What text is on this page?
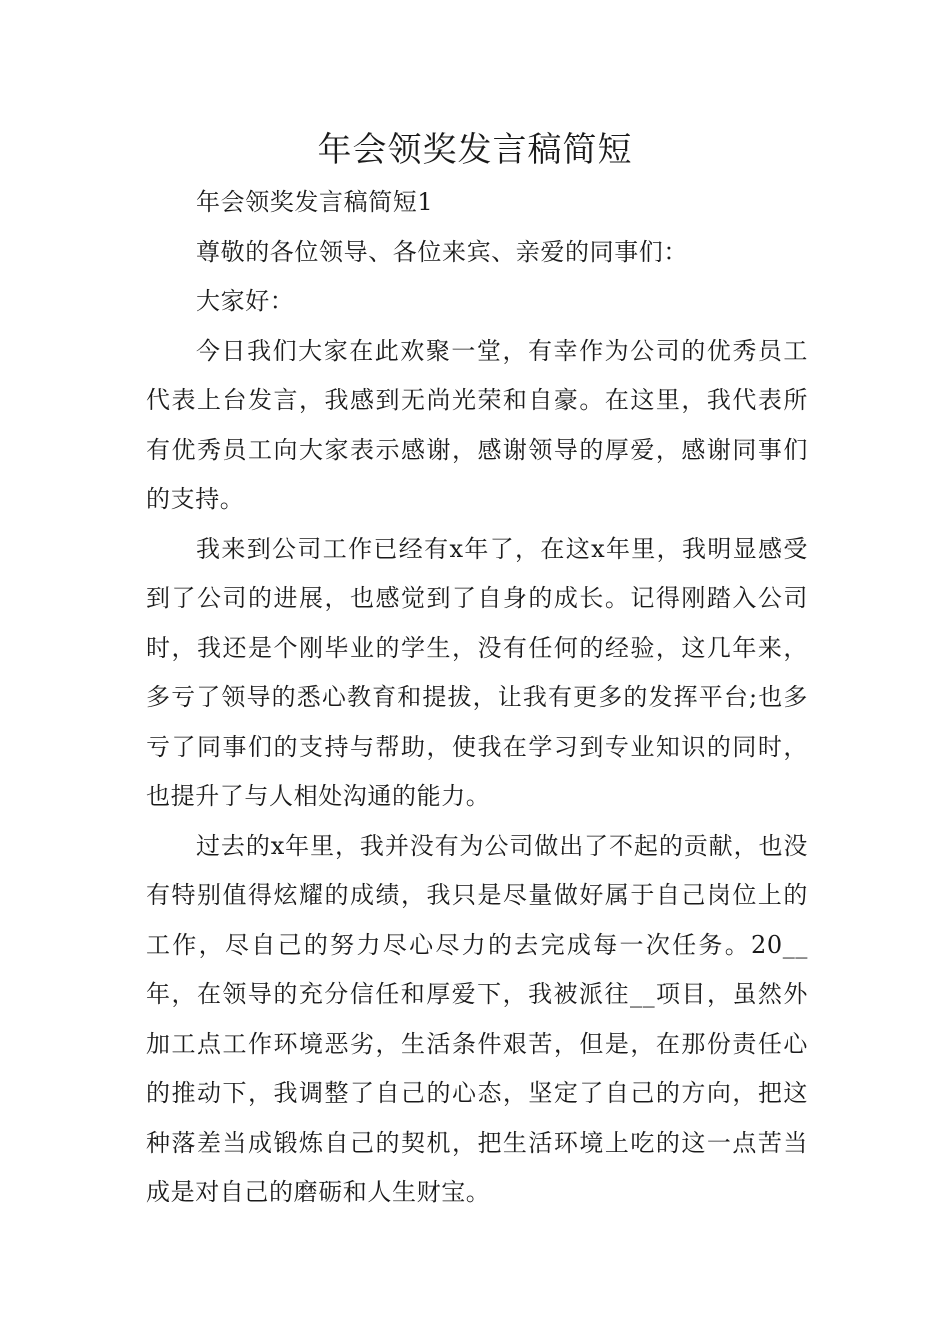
年会领奖发言稿简短

年会领奖发言稿简短1

尊敬的各位领导、各位来宾、亲爱的同事们：

大家好：

今日我们大家在此欢聚一堂，有幸作为公司的优秀员工代表上台发言，我感到无尚光荣和自豪。在这里，我代表所有优秀员工向大家表示感谢，感谢领导的厚爱，感谢同事们的支持。

我来到公司工作已经有x年了，在这x年里，我明显感受到了公司的进展，也感觉到了自身的成长。记得刚踏入公司时，我还是个刚毕业的学生，没有任何的经验，这几年来，多亏了领导的悉心教育和提拔，让我有更多的发挥平台;也多亏了同事们的支持与帮助，使我在学习到专业知识的同时，也提升了与人相处沟通的能力。

过去的x年里，我并没有为公司做出了不起的贡献，也没有特别值得炫耀的成绩，我只是尽量做好属于自己岗位上的工作，尽自己的努力尽心尽力的去完成每一次任务。20__年，在领导的充分信任和厚爱下，我被派往__项目，虽然外加工点工作环境恶劣，生活条件艰苦，但是，在那份责任心的推动下，我调整了自己的心态，坚定了自己的方向，把这种落差当成锻炼自己的契机，把生活环境上吃的这一点苦当成是对自己的磨砺和人生财宝。
